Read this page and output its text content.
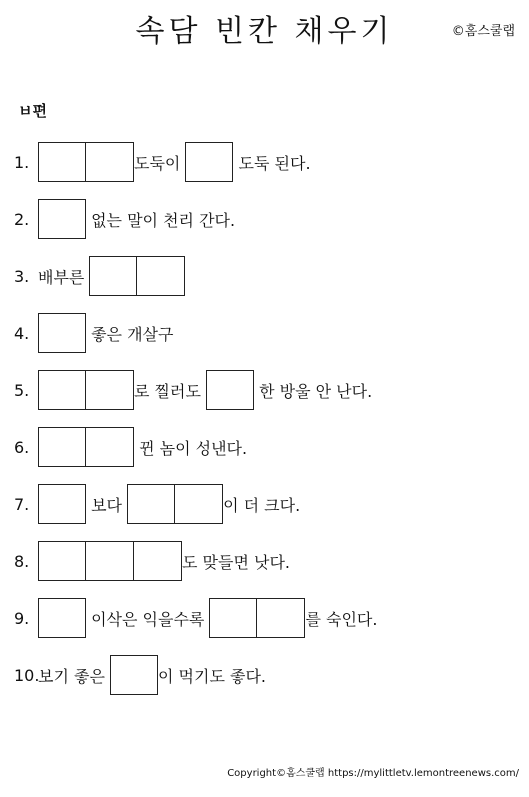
속담 빈칸 채우기	©홈스쿨랩
ㅂ편
1.	도둑이	도둑 된다.
2.	없는 말이 천리 간다.
3. 배부른
4.	좋은 개살구
5.	로 찔러도	한 방울 안 난다.
6.	뀐 놈이 성낸다.
7.	보다	이 더 크다.
8.	도 맞들면 낫다.
9.	이삭은 익을수록	를 숙인다.
10.
보기 좋은	이 먹기도 좋다.
Copyright©홈스쿨랩 https://mylittletv.lemontreenews.com/
